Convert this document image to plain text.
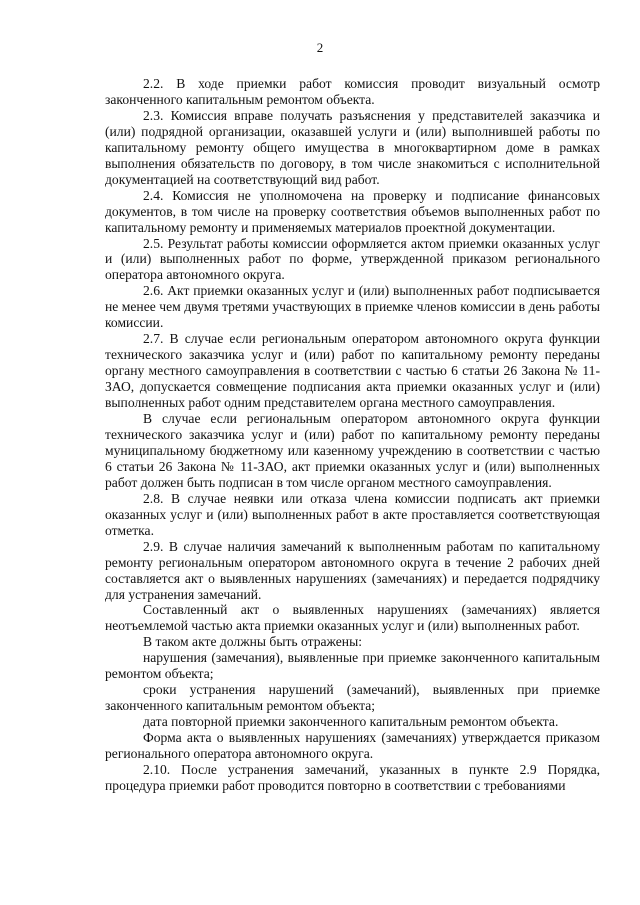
2

2.2. В ходе приемки работ комиссия проводит визуальный осмотр законченного капитальным ремонтом объекта.

2.3. Комиссия вправе получать разъяснения у представителей заказчика и (или) подрядной организации, оказавшей услуги и (или) выполнившей работы по капитальному ремонту общего имущества в многоквартирном доме в рамках выполнения обязательств по договору, в том числе знакомиться с исполнительной документацией на соответствующий вид работ.

2.4. Комиссия не уполномочена на проверку и подписание финансовых документов, в том числе на проверку соответствия объемов выполненных работ по капитальному ремонту и применяемых материалов проектной документации.

2.5. Результат работы комиссии оформляется актом приемки оказанных услуг и (или) выполненных работ по форме, утвержденной приказом регионального оператора автономного округа.

2.6. Акт приемки оказанных услуг и (или) выполненных работ подписывается не менее чем двумя третями участвующих в приемке членов комиссии в день работы комиссии.

2.7. В случае если региональным оператором автономного округа функции технического заказчика услуг и (или) работ по капитальному ремонту переданы органу местного самоуправления в соответствии с частью 6 статьи 26 Закона № 11-ЗАО, допускается совмещение подписания акта приемки оказанных услуг и (или) выполненных работ одним представителем органа местного самоуправления.

В случае если региональным оператором автономного округа функции технического заказчика услуг и (или) работ по капитальному ремонту переданы муниципальному бюджетному или казенному учреждению в соответствии с частью 6 статьи 26 Закона № 11-ЗАО, акт приемки оказанных услуг и (или) выполненных работ должен быть подписан в том числе органом местного самоуправления.

2.8. В случае неявки или отказа члена комиссии подписать акт приемки оказанных услуг и (или) выполненных работ в акте проставляется соответствующая отметка.

2.9. В случае наличия замечаний к выполненным работам по капитальному ремонту региональным оператором автономного округа в течение 2 рабочих дней составляется акт о выявленных нарушениях (замечаниях) и передается подрядчику для устранения замечаний.

Составленный акт о выявленных нарушениях (замечаниях) является неотъемлемой частью акта приемки оказанных услуг и (или) выполненных работ.

В таком акте должны быть отражены:

нарушения (замечания), выявленные при приемке законченного капитальным ремонтом объекта;

сроки устранения нарушений (замечаний), выявленных при приемке законченного капитальным ремонтом объекта;

дата повторной приемки законченного капитальным ремонтом объекта.

Форма акта о выявленных нарушениях (замечаниях) утверждается приказом регионального оператора автономного округа.

2.10. После устранения замечаний, указанных в пункте 2.9 Порядка, процедура приемки работ проводится повторно в соответствии с требованиями
